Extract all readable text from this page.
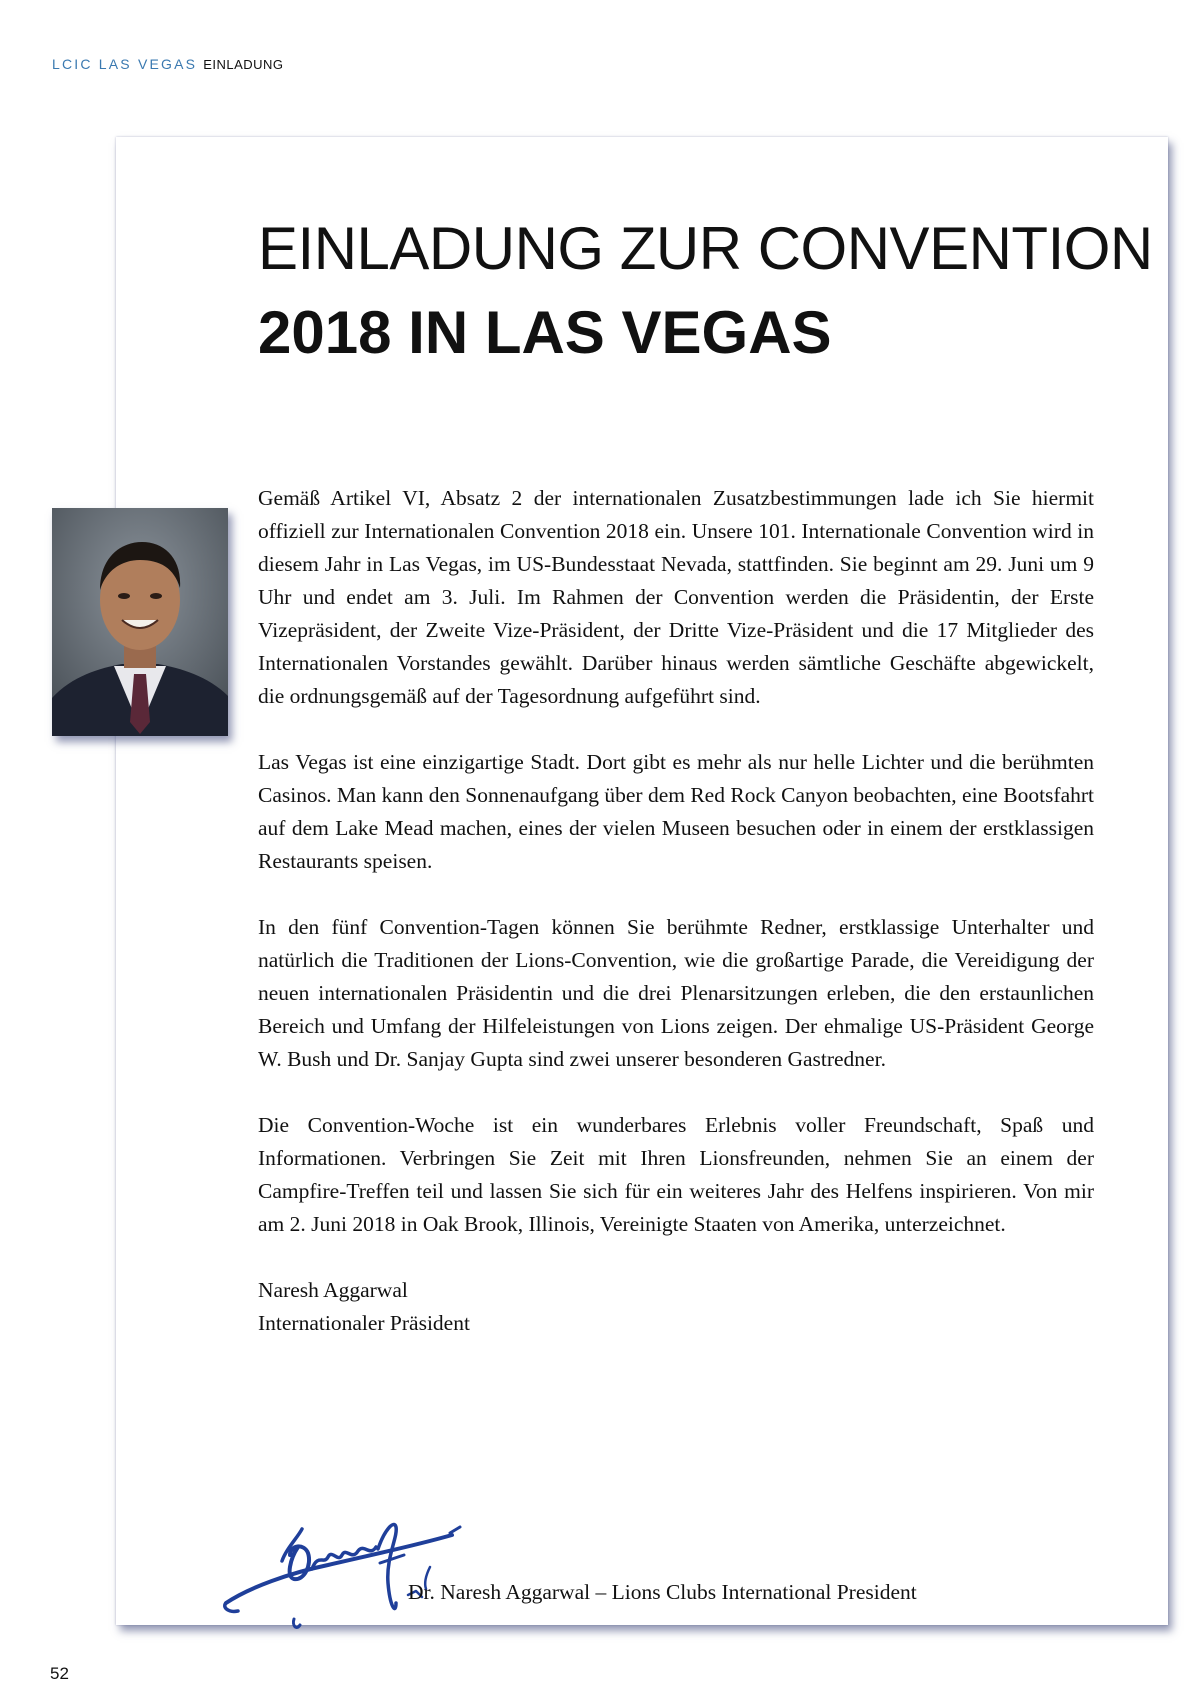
LCIC LAS VEGAS EINLADUNG
EINLADUNG ZUR CONVENTION
2018 IN LAS VEGAS

Gemäß Artikel VI, Absatz 2 der internationalen Zusatzbestimmungen lade ich Sie hiermit offiziell zur Internationalen Convention 2018 ein. Unsere 101. Internationale Convention wird in diesem Jahr in Las Vegas, im US-Bundesstaat Nevada, stattfinden. Sie beginnt am 29. Juni um 9 Uhr und endet am 3. Juli. Im Rahmen der Convention werden die Präsidentin, der Erste Vizepräsident, der Zweite Vize-Präsident, der Dritte Vize-Präsident und die 17 Mitglieder des Internationalen Vorstandes gewählt. Darüber hinaus werden sämtliche Geschäfte abgewickelt, die ordnungsgemäß auf der Tagesordnung aufgeführt sind.

Las Vegas ist eine einzigartige Stadt. Dort gibt es mehr als nur helle Lichter und die berühmten Casinos. Man kann den Sonnenaufgang über dem Red Rock Canyon beobachten, eine Bootsfahrt auf dem Lake Mead machen, eines der vielen Museen besuchen oder in einem der erstklassigen Restaurants speisen.

In den fünf Convention-Tagen können Sie berühmte Redner, erstklassige Unterhalter und natürlich die Traditionen der Lions-Convention, wie die großartige Parade, die Vereidigung der neuen internationalen Präsidentin und die drei Plenarsitzungen erleben, die den erstaunlichen Bereich und Umfang der Hilfeleistungen von Lions zeigen. Der ehmalige US-Präsident George W. Bush und Dr. Sanjay Gupta sind zwei unserer besonderen Gastredner.

Die Convention-Woche ist ein wunderbares Erlebnis voller Freundschaft, Spaß und Informationen. Verbringen Sie Zeit mit Ihren Lionsfreunden, nehmen Sie an einem der Campfire-Treffen teil und lassen Sie sich für ein weiteres Jahr des Helfens inspirieren. Von mir am 2. Juni 2018 in Oak Brook, Illinois, Vereinigte Staaten von Amerika, unterzeichnet.

Naresh Aggarwal
Internationaler Präsident
Dr. Naresh Aggarwal – Lions Clubs International President
52
